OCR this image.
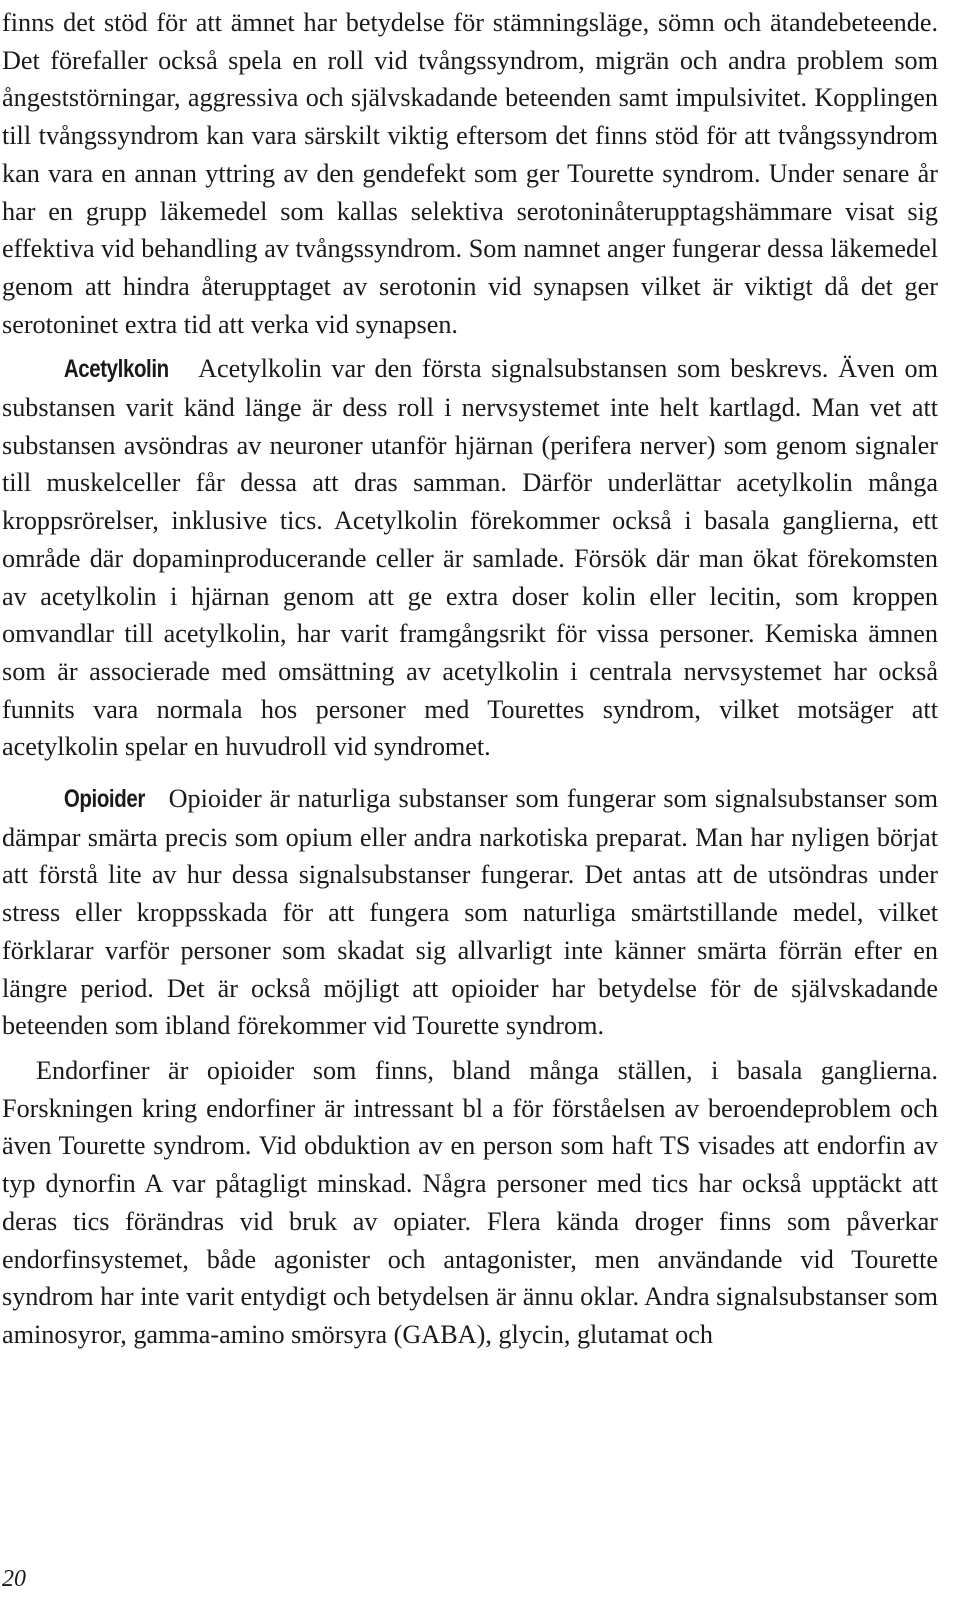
finns det stöd för att ämnet har betydelse för stämningsläge, sömn och ätandebeteende. Det förefaller också spela en roll vid tvångssyndrom, migrän och andra problem som ångeststörningar, aggressiva och självskadande beteenden samt impulsivitet. Kopplingen till tvångssyndrom kan vara särskilt viktig eftersom det finns stöd för att tvångssyndrom kan vara en annan yttring av den gendefekt som ger Tourette syndrom. Under senare år har en grupp läkemedel som kallas selektiva serotoninåterupptagshämmare visat sig effektiva vid behandling av tvångssyndrom. Som namnet anger fungerar dessa läkemedel genom att hindra återupptaget av serotonin vid synapsen vilket är viktigt då det ger serotoninet extra tid att verka vid synapsen.

Acetylkolin Acetylkolin var den första signalsubstansen som beskrevs. Även om substansen varit känd länge är dess roll i nervsystemet inte helt kartlagd. Man vet att substansen avsöndras av neuroner utanför hjärnan (perifera nerver) som genom signaler till muskelceller får dessa att dras samman. Därför underlättar acetylkolin många kroppsrörelser, inklusive tics. Acetylkolin förekommer också i basala ganglierna, ett område där dopaminproducerande celler är samlade. Försök där man ökat förekomsten av acetylkolin i hjärnan genom att ge extra doser kolin eller lecitin, som kroppen omvandlar till acetylkolin, har varit framgångsrikt för vissa personer. Kemiska ämnen som är associerade med omsättning av acetylkolin i centrala nervsystemet har också funnits vara normala hos personer med Tourettes syndrom, vilket motsäger att acetylkolin spelar en huvudroll vid syndromet.

Opioider Opioider är naturliga substanser som fungerar som signalsubstanser som dämpar smärta precis som opium eller andra narkotiska preparat. Man har nyligen börjat att förstå lite av hur dessa signalsubstanser fungerar. Det antas att de utsöndras under stress eller kroppsskada för att fungera som naturliga smärtstillande medel, vilket förklarar varför personer som skadat sig allvarligt inte känner smärta förrän efter en längre period. Det är också möjligt att opioider har betydelse för de självskadande beteenden som ibland förekommer vid Tourette syndrom.

Endorfiner är opioider som finns, bland många ställen, i basala ganglierna. Forskningen kring endorfiner är intressant bl a för förståelsen av beroendeproblem och även Tourette syndrom. Vid obduktion av en person som haft TS visades att endorfin av typ dynorfin A var påtagligt minskad. Några personer med tics har också upptäckt att deras tics förändras vid bruk av opiater. Flera kända droger finns som påverkar endorfinsystemet, både agonister och antagonister, men användande vid Tourette syndrom har inte varit entydigt och betydelsen är ännu oklar. Andra signalsubstanser som aminosyror, gamma-amino smörsyra (GABA), glycin, glutamat och

20
